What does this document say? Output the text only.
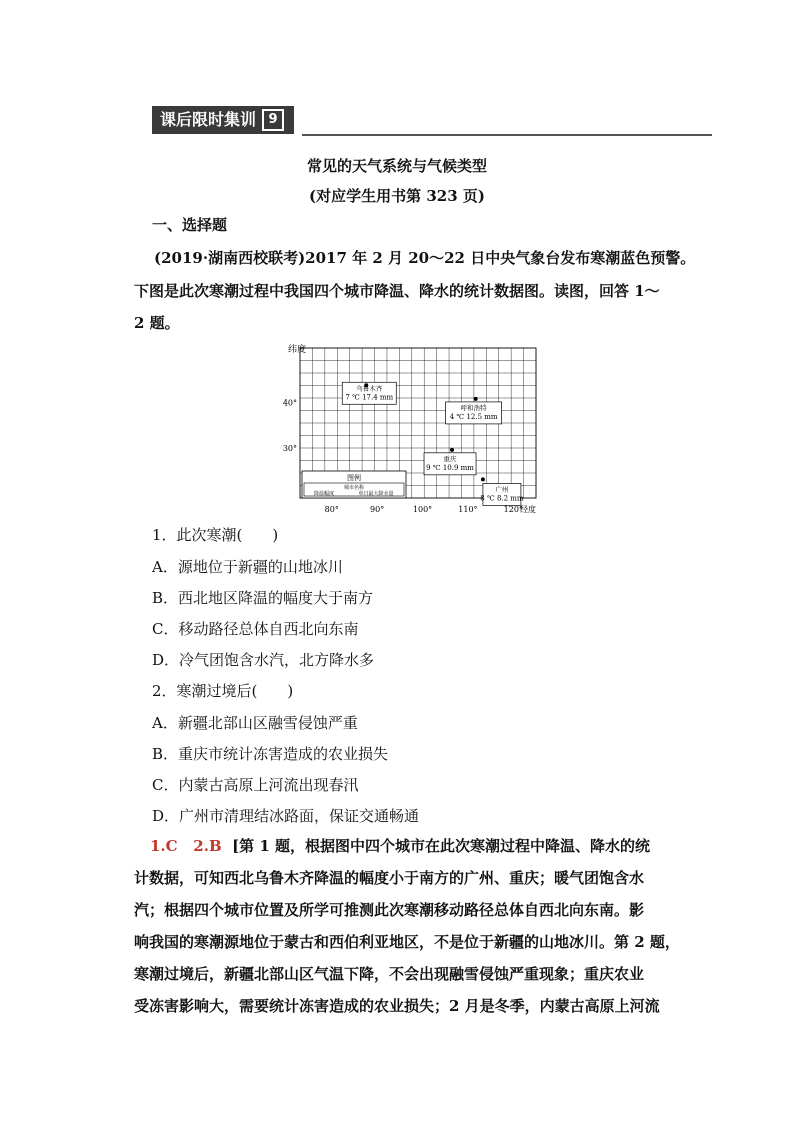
课后限时集训 9
常见的天气系统与气候类型
(对应学生用书第 323 页)
一、选择题
(2019·湖南西校联考)2017 年 2 月 20～22 日中央气象台发布寒潮蓝色预警。
下图是此次寒潮过程中我国四个城市降温、降水的统计数据图。读图，回答 1～
2 题。
纬度
经度
40°
30°
80°	90°	100°	110°	120°
乌鲁木齐
7 ℃ 17.4 mm
呼和浩特
4 ℃ 12.5 mm
重庆
9 ℃ 10.9 mm
广州
8 ℃ 8.2 mm
图例
城市名称
降温幅度	单日最大降水量
1．此次寒潮(　　)
A．源地位于新疆的山地冰川
B．西北地区降温的幅度大于南方
C．移动路径总体自西北向东南
D．冷气团饱含水汽，北方降水多
2．寒潮过境后(　　)
A．新疆北部山区融雪侵蚀严重
B．重庆市统计冻害造成的农业损失
C．内蒙古高原上河流出现春汛
D．广州市清理结冰路面，保证交通畅通
1.C 2.B [第 1 题，根据图中四个城市在此次寒潮过程中降温、降水的统
计数据，可知西北乌鲁木齐降温的幅度小于南方的广州、重庆；暖气团饱含水
汽；根据四个城市位置及所学可推测此次寒潮移动路径总体自西北向东南。影
响我国的寒潮源地位于蒙古和西伯利亚地区，不是位于新疆的山地冰川。第 2 题，
寒潮过境后，新疆北部山区气温下降，不会出现融雪侵蚀严重现象；重庆农业
受冻害影响大，需要统计冻害造成的农业损失；2 月是冬季，内蒙古高原上河流
